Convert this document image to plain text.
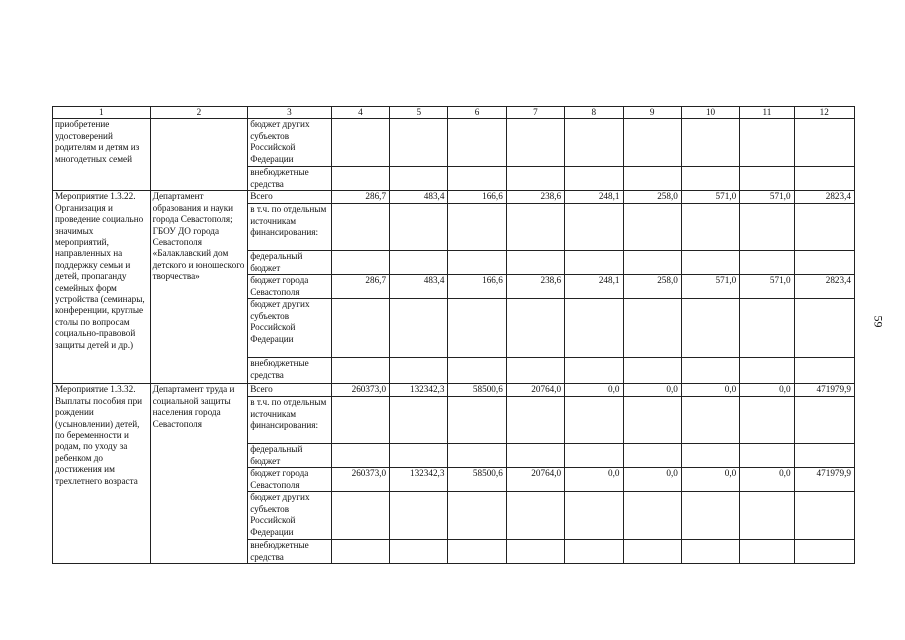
1	2	3	4	5	6	7	8	9	10	11	12
приобретение удостоверений родителям и детям из многодетных семей		бюджет других субъектов Российской Федерации									
		внебюджетные средства									
Мероприятие 1.3.22. Организация и проведение социально значимых мероприятий, направленных на поддержку семьи и детей, пропаганду семейных форм устройства (семинары, конференции, круглые столы по вопросам социально-правовой защиты детей и др.)	Департамент образования и науки города Севастополя; ГБОУ ДО города Севастополя «Балаклавский дом детского и юношеского творчества»	Всего	286,7	483,4	166,6	238,6	248,1	258,0	571,0	571,0	2823,4
		в т.ч. по отдельным источникам финансирования:									
		федеральный бюджет									
		бюджет города Севастополя	286,7	483,4	166,6	238,6	248,1	258,0	571,0	571,0	2823,4
		бюджет других субъектов Российской Федерации									
		внебюджетные средства									
Мероприятие 1.3.32. Выплаты пособия при рождении (усыновлении) детей, по беременности и родам, по уходу за ребенком до достижения им трехлетнего возраста	Департамент труда и социальной защиты населения города Севастополя	Всего	260373,0	132342,3	58500,6	20764,0	0,0	0,0	0,0	0,0	471979,9
		в т.ч. по отдельным источникам финансирования:									
		федеральный бюджет									
		бюджет города Севастополя	260373,0	132342,3	58500,6	20764,0	0,0	0,0	0,0	0,0	471979,9
		бюджет других субъектов Российской Федерации									
		внебюджетные средства									
59
